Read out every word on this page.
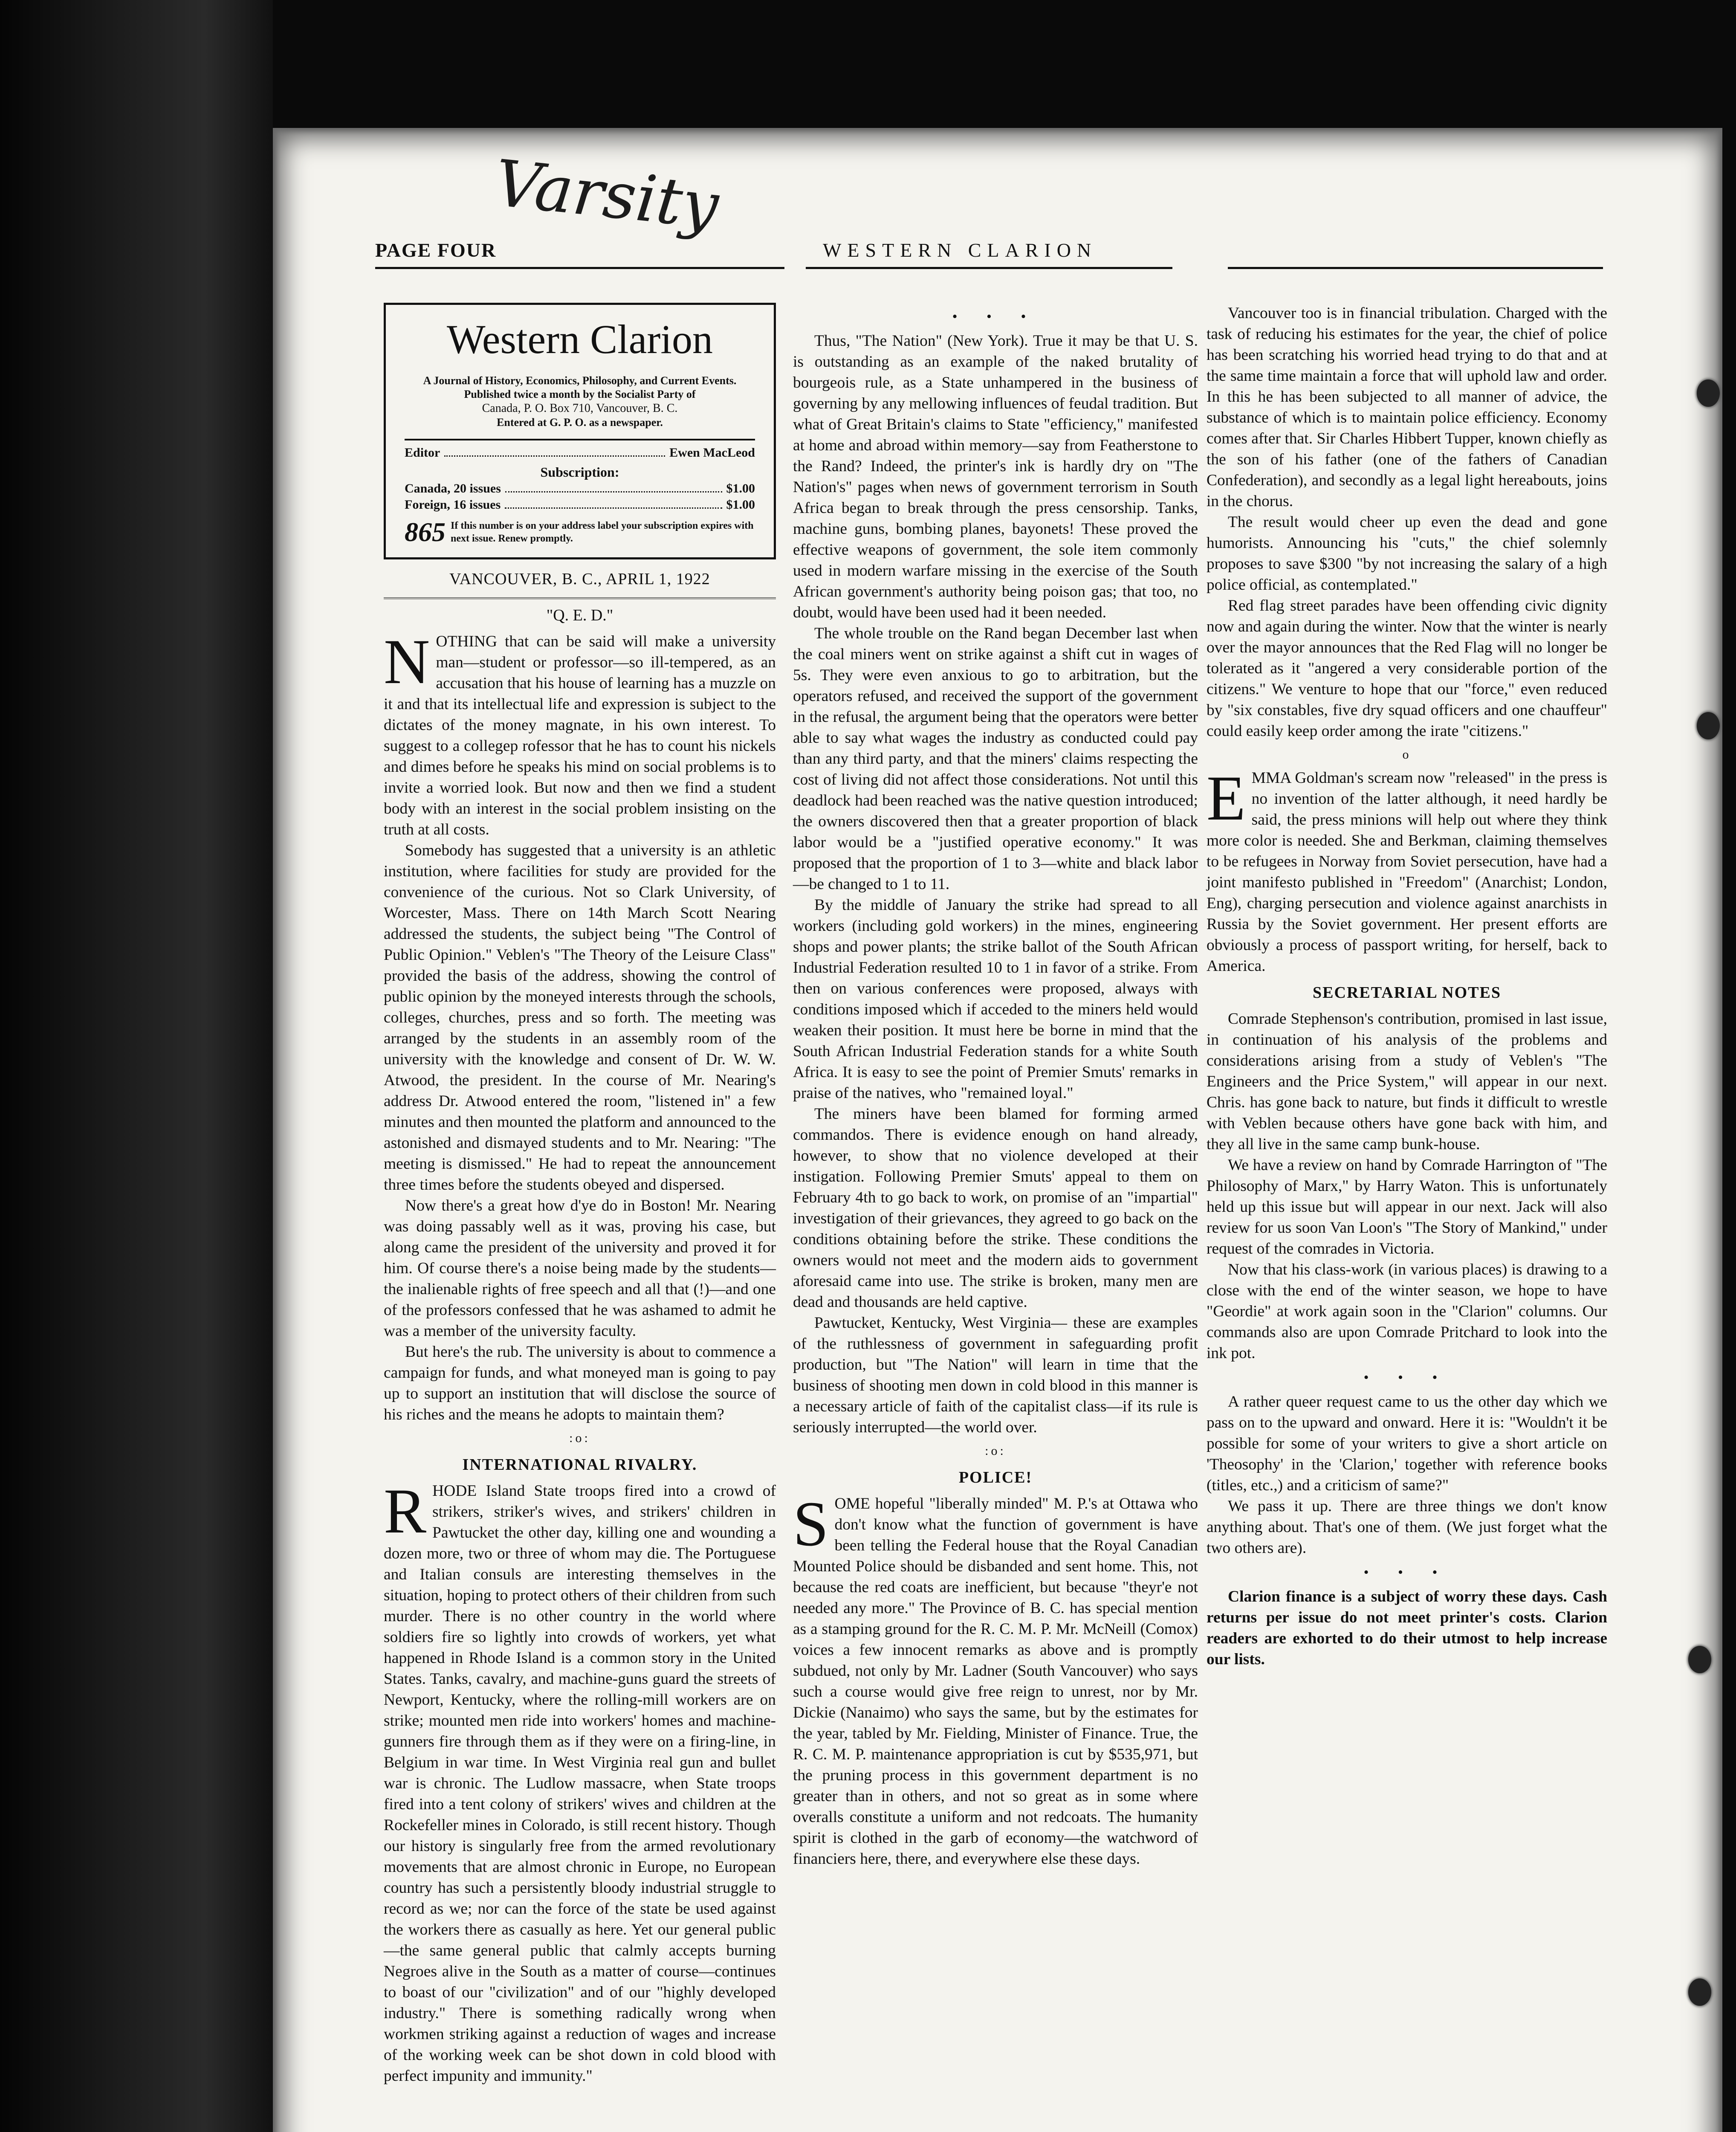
Varsity
PAGE FOUR	WESTERN CLARION
Western Clarion
A Journal of History, Economics, Philosophy, and Current Events.
Published twice a month by the Socialist Party of
Canada, P. O. Box 710, Vancouver, B. C.
Entered at G. P. O. as a newspaper.
Editor	Ewen MacLeod
Subscription:
Canada, 20 issues	$1.00
Foreign, 16 issues	$1.00
865 If this number is on your address label your subscription expires with next issue. Renew promptly.
VANCOUVER, B. C., APRIL 1, 1922
"Q. E. D."

NOTHING that can be said will make a university man—student or professor—so ill-tempered, as an accusation that his house of learning has a muzzle on it and that its intellectual life and expression is subject to the dictates of the money magnate, in his own interest. To suggest to a collegep rofessor that he has to count his nickels and dimes before he speaks his mind on social problems is to invite a worried look. But now and then we find a student body with an interest in the social problem insisting on the truth at all costs.

Somebody has suggested that a university is an athletic institution, where facilities for study are provided for the convenience of the curious. Not so Clark University, of Worcester, Mass. There on 14th March Scott Nearing addressed the students, the subject being "The Control of Public Opinion." Veblen's "The Theory of the Leisure Class" provided the basis of the address, showing the control of public opinion by the moneyed interests through the schools, colleges, churches, press and so forth. The meeting was arranged by the students in an assembly room of the university with the knowledge and consent of Dr. W. W. Atwood, the president. In the course of Mr. Nearing's address Dr. Atwood entered the room, "listened in" a few minutes and then mounted the platform and announced to the astonished and dismayed students and to Mr. Nearing: "The meeting is dismissed." He had to repeat the announcement three times before the students obeyed and dispersed.

Now there's a great how d'ye do in Boston! Mr. Nearing was doing passably well as it was, proving his case, but along came the president of the university and proved it for him. Of course there's a noise being made by the students—the inalienable rights of free speech and all that (!)—and one of the professors confessed that he was ashamed to admit he was a member of the university faculty.

But here's the rub. The university is about to commence a campaign for funds, and what moneyed man is going to pay up to support an institution that will disclose the source of his riches and the means he adopts to maintain them?

:o:
INTERNATIONAL RIVALRY.

RHODE Island State troops fired into a crowd of strikers, striker's wives, and strikers' children in Pawtucket the other day, killing one and wounding a dozen more, two or three of whom may die. The Portuguese and Italian consuls are interesting themselves in the situation, hoping to protect others of their children from such murder. There is no other country in the world where soldiers fire so lightly into crowds of workers, yet what happened in Rhode Island is a common story in the United States. Tanks, cavalry, and machine-guns guard the streets of Newport, Kentucky, where the rolling-mill workers are on strike; mounted men ride into workers' homes and machine-gunners fire through them as if they were on a firing-line, in Belgium in war time. In West Virginia real gun and bullet war is chronic. The Ludlow massacre, when State troops fired into a tent colony of strikers' wives and children at the Rockefeller mines in Colorado, is still recent history. Though our history is singularly free from the armed revolutionary movements that are almost chronic in Europe, no European country has such a persistently bloody industrial struggle to record as we; nor can the force of the state be used against the workers there as casually as here. Yet our general public—the same general public that calmly accepts burning Negroes alive in the South as a matter of course—continues to boast of our "civilization" and of our "highly developed industry." There is something radically wrong when workmen striking against a reduction of wages and increase of the working week can be shot down in cold blood with perfect impunity and immunity."

• • •

Thus, "The Nation" (New York). True it may be that U. S. is outstanding as an example of the naked brutality of bourgeois rule, as a State unhampered in the business of governing by any mellowing influences of feudal tradition. But what of Great Britain's claims to State "efficiency," manifested at home and abroad within memory—say from Featherstone to the Rand? Indeed, the printer's ink is hardly dry on "The Nation's" pages when news of government terrorism in South Africa began to break through the press censorship. Tanks, machine guns, bombing planes, bayonets! These proved the effective weapons of government, the sole item commonly used in modern warfare missing in the exercise of the South African government's authority being poison gas; that too, no doubt, would have been used had it been needed.

The whole trouble on the Rand began December last when the coal miners went on strike against a shift cut in wages of 5s. They were even anxious to go to arbitration, but the operators refused, and received the support of the government in the refusal, the argument being that the operators were better able to say what wages the industry as conducted could pay than any third party, and that the miners' claims respecting the cost of living did not affect those considerations. Not until this deadlock had been reached was the native question introduced; the owners discovered then that a greater proportion of black labor would be a "justified operative economy." It was proposed that the proportion of 1 to 3—white and black labor—be changed to 1 to 11.

By the middle of January the strike had spread to all workers (including gold workers) in the mines, engineering shops and power plants; the strike ballot of the South African Industrial Federation resulted 10 to 1 in favor of a strike. From then on various conferences were proposed, always with conditions imposed which if acceded to the miners held would weaken their position. It must here be borne in mind that the South African Industrial Federation stands for a white South Africa. It is easy to see the point of Premier Smuts' remarks in praise of the natives, who "remained loyal."

The miners have been blamed for forming armed commandos. There is evidence enough on hand already, however, to show that no violence developed at their instigation. Following Premier Smuts' appeal to them on February 4th to go back to work, on promise of an "impartial" investigation of their grievances, they agreed to go back on the conditions obtaining before the strike. These conditions the owners would not meet and the modern aids to government aforesaid came into use. The strike is broken, many men are dead and thousands are held captive.

Pawtucket, Kentucky, West Virginia— these are examples of the ruthlessness of government in safeguarding profit production, but "The Nation" will learn in time that the business of shooting men down in cold blood in this manner is a necessary article of faith of the capitalist class—if its rule is seriously interrupted—the world over.

:o:
POLICE!

SOME hopeful "liberally minded" M. P.'s at Ottawa who don't know what the function of government is have been telling the Federal house that the Royal Canadian Mounted Police should be disbanded and sent home. This, not because the red coats are inefficient, but because "theyr'e not needed any more." The Province of B. C. has special mention as a stamping ground for the R. C. M. P. Mr. McNeill (Comox) voices a few innocent remarks as above and is promptly subdued, not only by Mr. Ladner (South Vancouver) who says such a course would give free reign to unrest, nor by Mr. Dickie (Nanaimo) who says the same, but by the estimates for the year, tabled by Mr. Fielding, Minister of Finance. True, the R. C. M. P. maintenance appropriation is cut by $535,971, but the pruning process in this government department is no greater than in others, and not so great as in some where overalls constitute a uniform and not redcoats. The humanity spirit is clothed in the garb of economy—the watchword of financiers here, there, and everywhere else these days.

Vancouver too is in financial tribulation. Charged with the task of reducing his estimates for the year, the chief of police has been scratching his worried head trying to do that and at the same time maintain a force that will uphold law and order. In this he has been subjected to all manner of advice, the substance of which is to maintain police efficiency. Economy comes after that. Sir Charles Hibbert Tupper, known chiefly as the son of his father (one of the fathers of Canadian Confederation), and secondly as a legal light hereabouts, joins in the chorus.

The result would cheer up even the dead and gone humorists. Announcing his "cuts," the chief solemnly proposes to save $300 "by not increasing the salary of a high police official, as contemplated."

Red flag street parades have been offending civic dignity now and again during the winter. Now that the winter is nearly over the mayor announces that the Red Flag will no longer be tolerated as it "angered a very considerable portion of the citizens." We venture to hope that our "force," even reduced by "six constables, five dry squad officers and one chauffeur" could easily keep order among the irate "citizens."

o

EMMA Goldman's scream now "released" in the press is no invention of the latter although, it need hardly be said, the press minions will help out where they think more color is needed. She and Berkman, claiming themselves to be refugees in Norway from Soviet persecution, have had a joint manifesto published in "Freedom" (Anarchist; London, Eng), charging persecution and violence against anarchists in Russia by the Soviet government. Her present efforts are obviously a process of passport writing, for herself, back to America.

SECRETARIAL NOTES

Comrade Stephenson's contribution, promised in last issue, in continuation of his analysis of the problems and considerations arising from a study of Veblen's "The Engineers and the Price System," will appear in our next. Chris. has gone back to nature, but finds it difficult to wrestle with Veblen because others have gone back with him, and they all live in the same camp bunk-house.

We have a review on hand by Comrade Harrington of "The Philosophy of Marx," by Harry Waton. This is unfortunately held up this issue but will appear in our next. Jack will also review for us soon Van Loon's "The Story of Mankind," under request of the comrades in Victoria.

Now that his class-work (in various places) is drawing to a close with the end of the winter season, we hope to have "Geordie" at work again soon in the "Clarion" columns. Our commands also are upon Comrade Pritchard to look into the ink pot.

• • •

A rather queer request came to us the other day which we pass on to the upward and onward. Here it is: "Wouldn't it be possible for some of your writers to give a short article on 'Theosophy' in the 'Clarion,' together with reference books (titles, etc.,) and a criticism of same?"

We pass it up. There are three things we don't know anything about. That's one of them. (We just forget what the two others are).

• • •

Clarion finance is a subject of worry these days. Cash returns per issue do not meet printer's costs. Clarion readers are exhorted to do their utmost to help increase our lists.
